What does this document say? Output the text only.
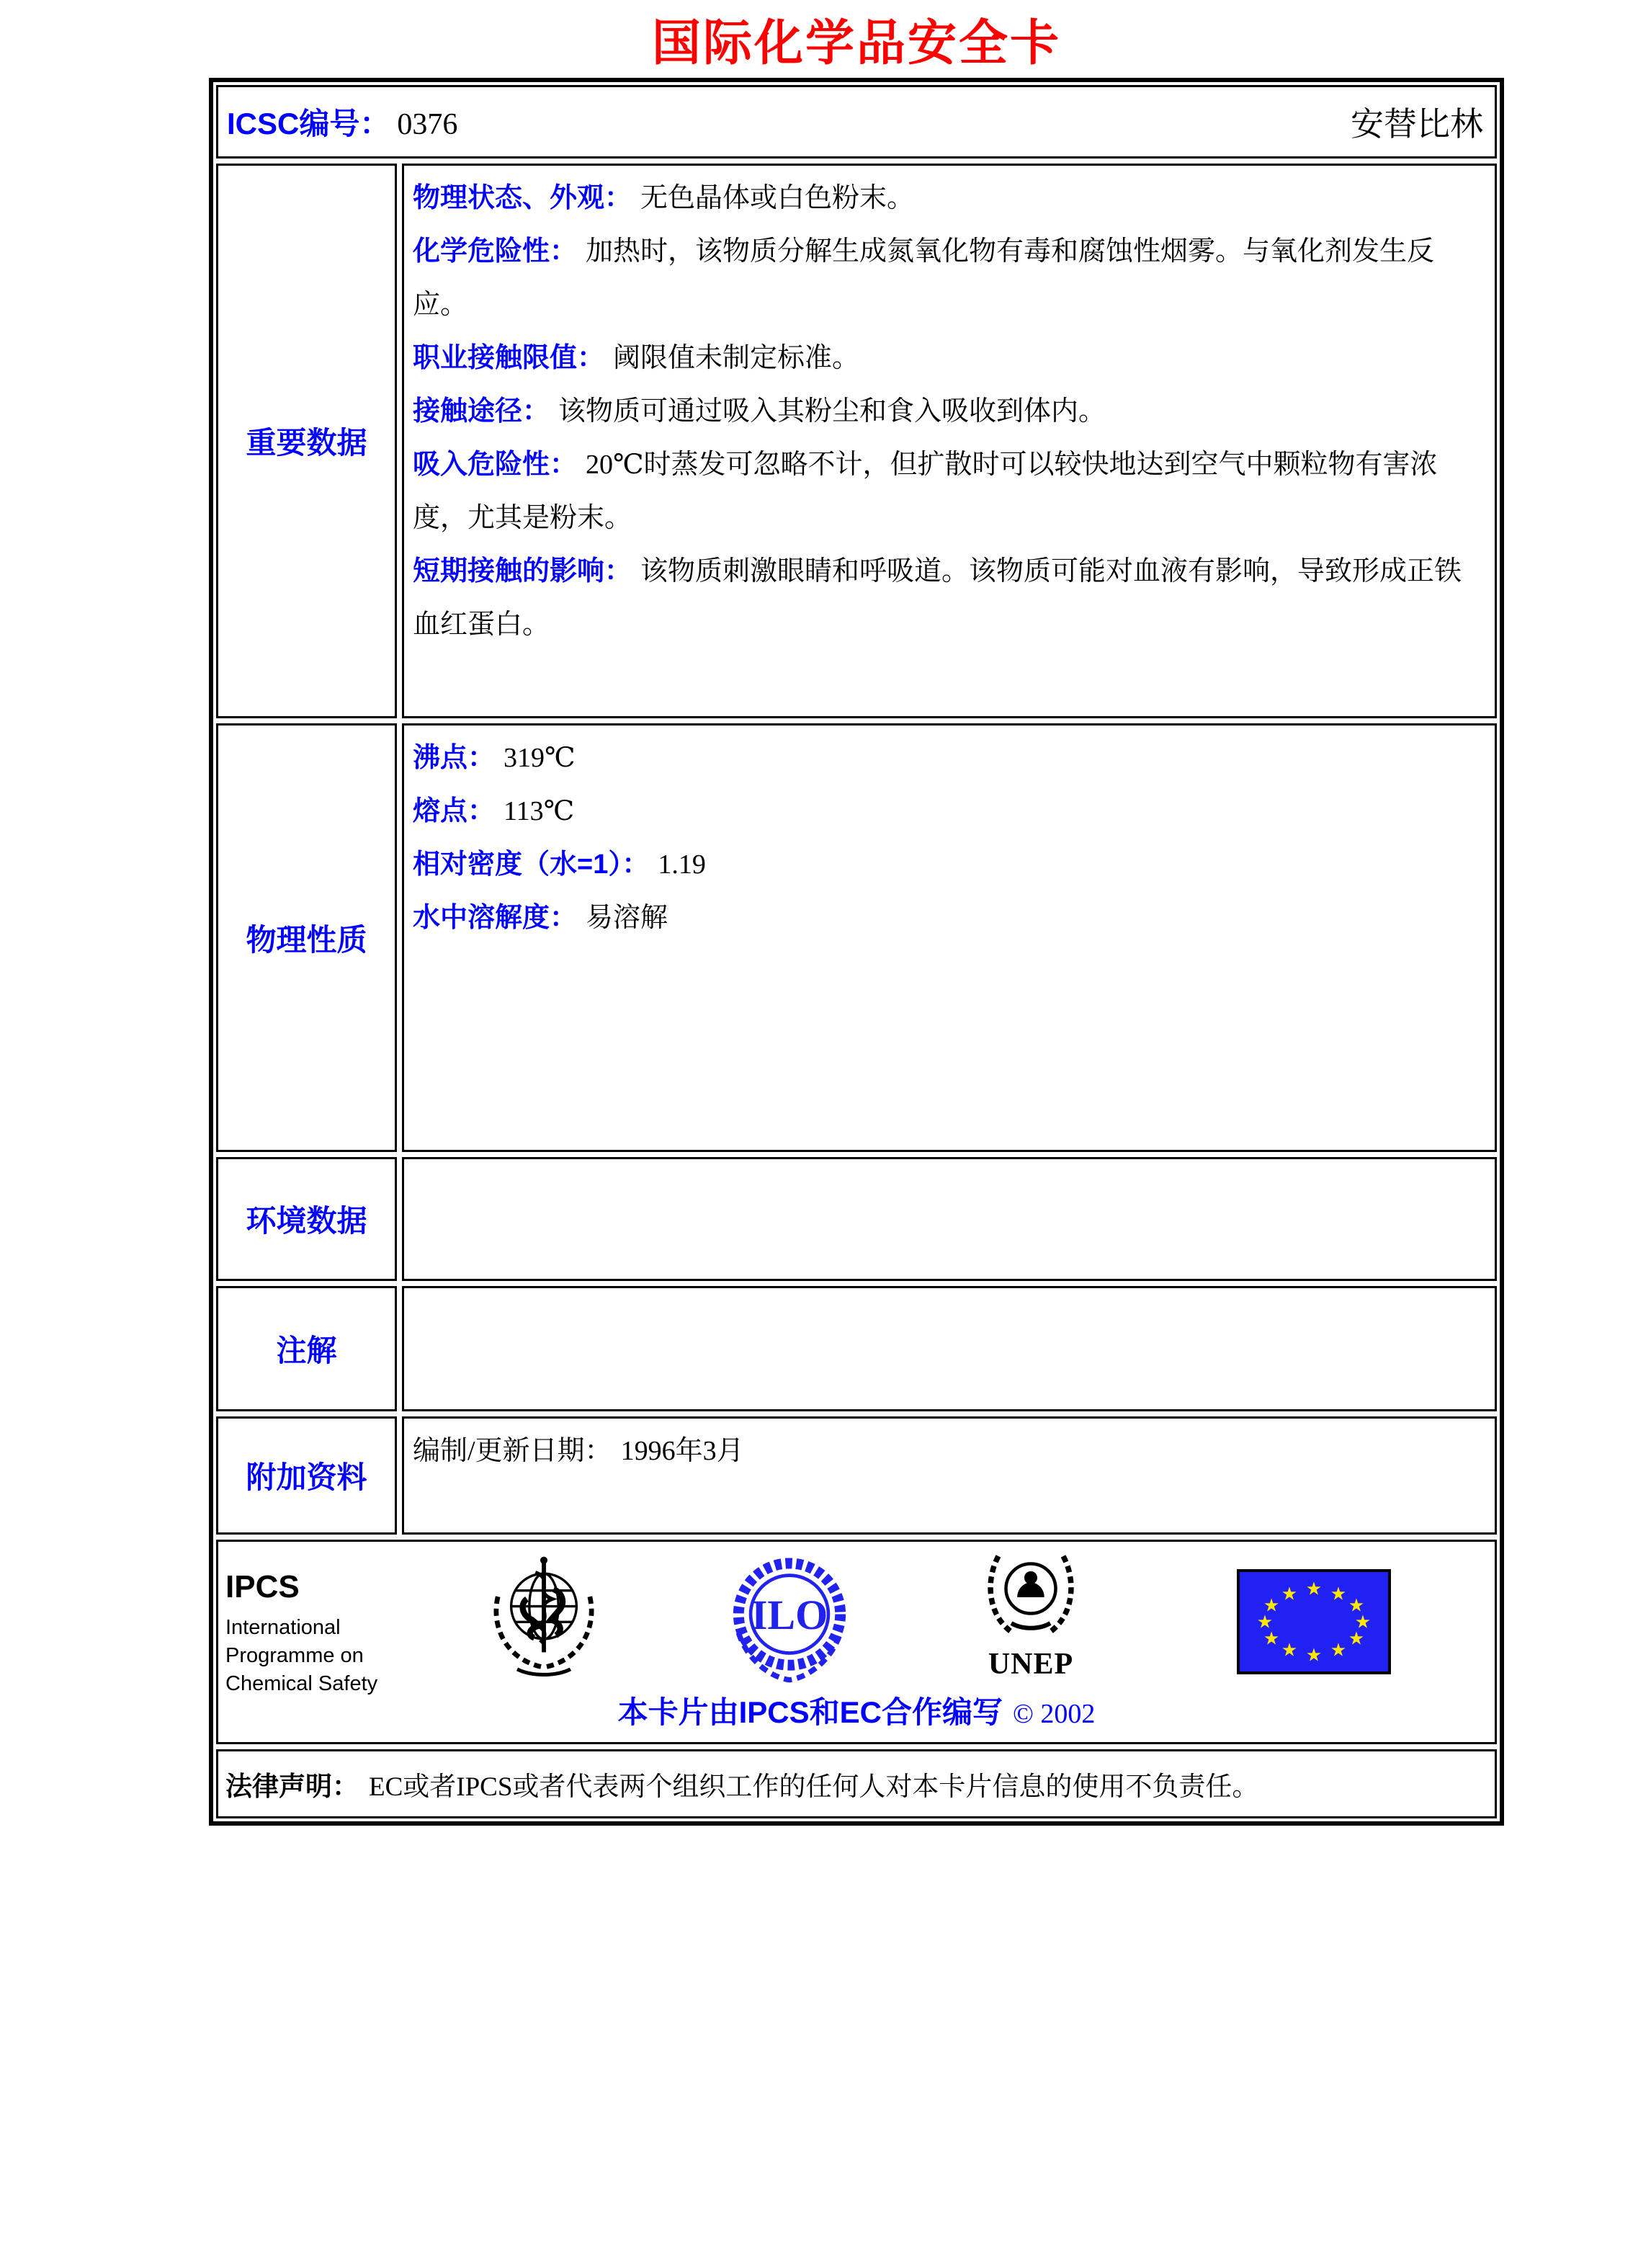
国际化学品安全卡
ICSC编号： 0376	安替比林
重要数据
物理状态、外观： 无色晶体或白色粉末。
化学危险性： 加热时，该物质分解生成氮氧化物有毒和腐蚀性烟雾。与氧化剂发生反应。
职业接触限值： 阈限值未制定标准。
接触途径： 该物质可通过吸入其粉尘和食入吸收到体内。
吸入危险性： 20℃时蒸发可忽略不计，但扩散时可以较快地达到空气中颗粒物有害浓度，尤其是粉末。
短期接触的影响： 该物质刺激眼睛和呼吸道。该物质可能对血液有影响，导致形成正铁血红蛋白。
物理性质
沸点： 319℃
熔点： 113℃
相对密度（水=1）： 1.19
水中溶解度： 易溶解
环境数据
注解
附加资料
编制/更新日期： 1996年3月
IPCS
International
Programme on
Chemical Safety
ILO
UNEP
★ ★
★
★
★
★
★
★
★
★
★
★
本卡片由IPCS和EC合作编写 © 2002
法律声明： EC或者IPCS或者代表两个组织工作的任何人对本卡片信息的使用不负责任。
